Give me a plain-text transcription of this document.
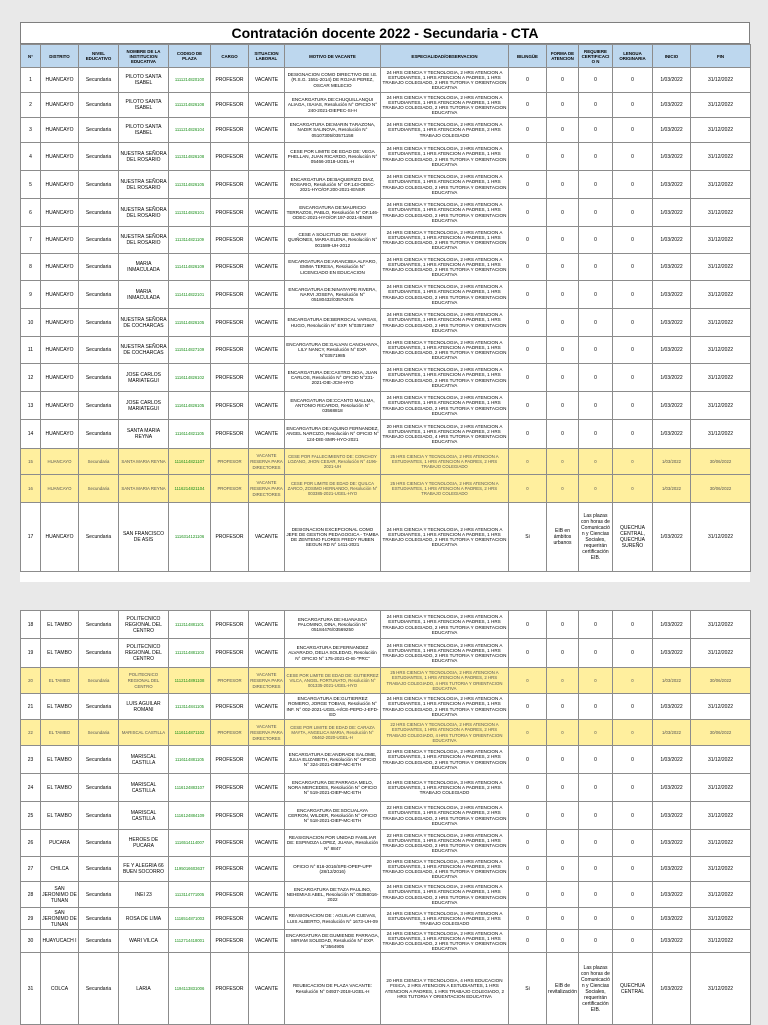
Contratación docente 2022 - Secundaria - CTA
N°	DISTRITO	NIVEL EDUCATIVO	NOMBRE DE LA INSTITUCION EDUCATIVA	CODIGO DE PLAZA	CARGO	SITUACION LABORAL	MOTIVO DE VACANTE	ESPECIALIDAD/OBSERVACION	BILINGÜE	FORMA DE ATENCION	REQUIERE CERTIFICACIO N	LENGUA ORIGINARIA	INICIO	FIN
1	HUANCAYO	Secundaria	PILOTO SANTA ISABEL	1111214820100	PROFESOR	VACANTE	DESIGNACION COMO DIRECTIVO DE I.E. (R.S.G. 1551-2014) DE ROJAS PEREZ, OSCAR MELECIO	24 HRS CIENCIA Y TECNOLOGIA, 2 HRS ATENCION A ESTUDIANTES, 1 HRS ATENCION A PADRES, 1 HRS TRABAJO COLEGIADO, 2 HRS TUTORIA Y ORIENTACION EDUCATIVA	0	0	0	0	1/03/2022	31/12/2022
2	HUANCAYO	Secundaria	PILOTO SANTA ISABEL	1111214826108	PROFESOR	VACANTE	ENCARGATURA DE:CHUQUILLANQUI ALIAGA, ISAIAS, Resolución N° OFICIO N° 240-2021-DIEPEC-SI-H	24 HRS CIENCIA Y TECNOLOGIA, 2 HRS ATENCION A ESTUDIANTES, 1 HRS ATENCION A PADRES, 1 HRS TRABAJO COLEGIADO, 2 HRS TUTORIA Y ORIENTACION EDUCATIVA	0	0	0	0	1/03/2022	31/12/2022
3	HUANCAYO	Secundaria	PILOTO SANTA ISABEL	1111214826104	PROFESOR	VACANTE	ENCARGATURA DE:MARIN TARAZONA, NADIR SALINOVA, Resolución N° 05107305/03571158	24 HRS CIENCIA Y TECNOLOGIA, 2 HRS ATENCION A ESTUDIANTES, 1 HRS ATENCION A PADRES, 2 HRS TRABAJO COLEGIADO	0	0	0	0	1/03/2022	31/12/2022
4	HUANCAYO	Secundaria	NUESTRA SEÑORA DEL ROSARIO	1113114826108	PROFESOR	VACANTE	CESE POR LIMITE DE EDAD DE: VEGA PHELLAN, JUAN RICARDO, Resolución N° 05466-2018-UGEL-H	24 HRS CIENCIA Y TECNOLOGIA, 2 HRS ATENCION A ESTUDIANTES, 1 HRS ATENCION A PADRES, 1 HRS TRABAJO COLEGIADO, 2 HRS TUTORIA Y ORIENTACION EDUCATIVA	0	0	0	0	1/03/2022	31/12/2022
5	HUANCAYO	Secundaria	NUESTRA SEÑORA DEL ROSARIO	1113114826105	PROFESOR	VACANTE	ENCARGATURA DE:BAQUERIZO DIAZ, ROSARIO, Resolución N° OF.143-ODEC-2021-HYO/OF.200-2021-IENSR	24 HRS CIENCIA Y TECNOLOGIA, 2 HRS ATENCION A ESTUDIANTES, 1 HRS ATENCION A PADRES, 1 HRS TRABAJO COLEGIADO, 2 HRS TUTORIA Y ORIENTACION EDUCATIVA	0	0	0	0	1/03/2022	31/12/2022
6	HUANCAYO	Secundaria	NUESTRA SEÑORA DEL ROSARIO	1113114826101	PROFESOR	VACANTE	ENCARGATURA DE:MAURICIO TERRAZOS, PABLO, Resolución N° OF.146-ODEC-2021-HYO/OF.197-2021-IENSR	24 HRS CIENCIA Y TECNOLOGIA, 2 HRS ATENCION A ESTUDIANTES, 1 HRS ATENCION A PADRES, 1 HRS TRABAJO COLEGIADO, 2 HRS TUTORIA Y ORIENTACION EDUCATIVA	0	0	0	0	1/03/2022	31/12/2022
7	HUANCAYO	Secundaria	NUESTRA SEÑORA DEL ROSARIO	1113114821109	PROFESOR	VACANTE	CESE A SOLICITUD DE: GARAY QUIÑONES, MARIA ELENA, Resolución N° 001589-UH-2012	24 HRS CIENCIA Y TECNOLOGIA, 2 HRS ATENCION A ESTUDIANTES, 1 HRS ATENCION A PADRES, 1 HRS TRABAJO COLEGIADO, 2 HRS TUTORIA Y ORIENTACION EDUCATIVA	0	0	0	0	1/03/2022	31/12/2022
8	HUANCAYO	Secundaria	MARIA INMACULADA	1114114826109	PROFESOR	VACANTE	ENCARGATURA DE:ARANCIBIA ALFARO, EMMA TERESA, Resolución N° LICENCIADO EN EDUCACION	24 HRS CIENCIA Y TECNOLOGIA, 2 HRS ATENCION A ESTUDIANTES, 1 HRS ATENCION A PADRES, 1 HRS TRABAJO COLEGIADO, 2 HRS TUTORIA Y ORIENTACION EDUCATIVA	0	0	0	0	1/03/2022	31/12/2022
9	HUANCAYO	Secundaria	MARIA INMACULADA	1114114822101	PROFESOR	VACANTE	ENCARGATURA DE:NINATAYPE RIVERA, NARVI JOSEFA, Resolución N° 05180432/03570476	24 HRS CIENCIA Y TECNOLOGIA, 2 HRS ATENCION A ESTUDIANTES, 1 HRS ATENCION A PADRES, 1 HRS TRABAJO COLEGIADO, 2 HRS TUTORIA Y ORIENTACION EDUCATIVA	0	0	0	0	1/03/2022	31/12/2022
10	HUANCAYO	Secundaria	NUESTRA SEÑORA DE COCHARCAS	1115114826105	PROFESOR	VACANTE	ENCARGATURA DE:BERROCAL VARGAS, HUGO, Resolución N° EXP. N°03571967	24 HRS CIENCIA Y TECNOLOGIA, 2 HRS ATENCION A ESTUDIANTES, 1 HRS ATENCION A PADRES, 1 HRS TRABAJO COLEGIADO, 2 HRS TUTORIA Y ORIENTACION EDUCATIVA	0	0	0	0	1/03/2022	31/12/2022
11	HUANCAYO	Secundaria	NUESTRA SEÑORA DE COCHARCAS	1115114827109	PROFESOR	VACANTE	ENCARGATURA DE:GALVAN CANCHANYA, LILY NANCY, Resolución N° EXP. N°03571985	24 HRS CIENCIA Y TECNOLOGIA, 2 HRS ATENCION A ESTUDIANTES, 1 HRS ATENCION A PADRES, 1 HRS TRABAJO COLEGIADO, 2 HRS TUTORIA Y ORIENTACION EDUCATIVA	0	0	0	0	1/03/2022	31/12/2022
12	HUANCAYO	Secundaria	JOSE CARLOS MARIATEGUI	1116114826102	PROFESOR	VACANTE	ENCARGATURA DE:CASTRO INGA, JUAN CARLOS, Resolución N° OFICIO N°231-2021-DIE-JCM-HYO	24 HRS CIENCIA Y TECNOLOGIA, 2 HRS ATENCION A ESTUDIANTES, 1 HRS ATENCION A PADRES, 1 HRS TRABAJO COLEGIADO, 2 HRS TUTORIA Y ORIENTACION EDUCATIVA	0	0	0	0	1/03/2022	31/12/2022
13	HUANCAYO	Secundaria	JOSE CARLOS MARIATEGUI	1116114826105	PROFESOR	VACANTE	ENCARGATURA DE:CCANTO MALLMA, ANTONIO RICARDO, Resolución N° 03568818	24 HRS CIENCIA Y TECNOLOGIA, 2 HRS ATENCION A ESTUDIANTES, 1 HRS ATENCION A PADRES, 1 HRS TRABAJO COLEGIADO, 2 HRS TUTORIA Y ORIENTACION EDUCATIVA	0	0	0	0	1/03/2022	31/12/2022
14	HUANCAYO	Secundaria	SANTA MARIA REYNA	1116114821105	PROFESOR	VACANTE	ENCARGATURA DE:AQUINO FERNANDEZ, ANGEL NARCIZO, Resolución N° OFICIO N° 124-DIE-SMR-HYO-2021	20 HRS CIENCIA Y TECNOLOGIA, 2 HRS ATENCION A ESTUDIANTES, 1 HRS ATENCION A PADRES, 2 HRS TRABAJO COLEGIADO, 4 HRS TUTORIA Y ORIENTACION EDUCATIVA	0	0	0	0	1/03/2022	31/12/2022
15	HUANCAYO	Secundaria	SANTA MARIA REYNA	1116114821107	PROFESOR	VACANTE RESERVA PARA DIRECTORES	CESE POR FALLECIMIENTO DE: CONCHOY LOZANO, JHON CESAR, Resolución N° 4196-2021-UH	25 HRS CIENCIA Y TECNOLOGIA, 2 HRS ATENCION A ESTUDIANTES, 1 HRS ATENCION A PADRES, 2 HRS TRABAJO COLEGIADO	0	0	0	0	1/03/2022	30/06/2022
16	HUANCAYO	Secundaria	SANTA MARIA REYNA	1116214821104	PROFESOR	VACANTE RESERVA PARA DIRECTORES	CESE POR LIMITE DE EDAD DE: QUILCA ZARCO, ZOSIMO HERNANDO, Resolución N° 003385-2021-UGEL-HYO	25 HRS CIENCIA Y TECNOLOGIA, 2 HRS ATENCION A ESTUDIANTES, 1 HRS ATENCION A PADRES, 2 HRS TRABAJO COLEGIADO	0	0	0	0	1/03/2022	30/06/2022
17	HUANCAYO	Secundaria	SAN FRANCISCO DE ASIS	1116314121106	PROFESOR	VACANTE	DESIGNACION EXCEPCIONAL COMO JEFE DE GESTION PEDAGOGICA - TAMBA DE ZENTENO FLORES FREDY RUBEN SEGUN RD N° 1411-2021	24 HRS CIENCIA Y TECNOLOGIA, 2 HRS ATENCION A ESTUDIANTES, 1 HRS ATENCION A PADRES, 1 HRS TRABAJO COLEGIADO, 2 HRS TUTORIA Y ORIENTACION EDUCATIVA	Si	EIB en ámbitos urbanos	Las plazas con horas de Comunicación y Ciencias Sociales, requerirán certificación EIB.	QUECHUA CENTRAL, QUECHUA SUREÑO	1/03/2022	31/12/2022
18	EL TAMBO	Secundaria	POLITECNICO REGIONAL DEL CENTRO	1112114881101	PROFESOR	VACANTE	ENCARGATURA DE:HUANASCA PALOMINO, DINA, Resolución N° 05184476/03569250	24 HRS CIENCIA Y TECNOLOGIA, 2 HRS ATENCION A ESTUDIANTES, 1 HRS ATENCION A PADRES, 1 HRS TRABAJO COLEGIADO, 2 HRS TUTORIA Y ORIENTACION EDUCATIVA	0	0	0	0	1/03/2022	31/12/2022
19	EL TAMBO	Secundaria	POLITECNICO REGIONAL DEL CENTRO	1112114881103	PROFESOR	VACANTE	ENCARGATURA DE:FERNANDEZ ALVARADO, DELIA SOLEDAD, Resolución N° OFICIO N° 175-2021-D-IE-"PRC"	24 HRS CIENCIA Y TECNOLOGIA, 2 HRS ATENCION A ESTUDIANTES, 1 HRS ATENCION A PADRES, 1 HRS TRABAJO COLEGIADO, 2 HRS TUTORIA Y ORIENTACION EDUCATIVA	0	0	0	0	1/03/2022	31/12/2022
20	EL TAMBO	Secundaria	POLITECNICO REGIONAL DEL CENTRO	1112114891108	PROFESOR	VACANTE RESERVA PARA DIRECTORES	CESE POR LIMITE DE EDAD DE: GUTIERREZ VILCA, ANGEL FORTUNATO, Resolución N° 001335-2021-UGEL-HYO	25 HRS CIENCIA Y TECNOLOGIA, 2 HRS ATENCION A ESTUDIANTES, 1 HRS ATENCION A PADRES, 2 HRS TRABAJO COLEGIADO, 4 HRS TUTORIA Y ORIENTACION EDUCATIVA	0	0	0	0	1/03/2022	30/06/2022
21	EL TAMBO	Secundaria	LUIS AGUILAR ROMANI	1113114841105	PROFESOR	VACANTE	ENCARGATURA DE:GUTIERREZ ROMERO, JORGE TOBIAS, Resolución N° INF. N° 002-2021-UGEL-H/CE-PEPD-J-EFD-ED	24 HRS CIENCIA Y TECNOLOGIA, 2 HRS ATENCION A ESTUDIANTES, 1 HRS ATENCION A PADRES, 1 HRS TRABAJO COLEGIADO, 2 HRS TUTORIA Y ORIENTACION EDUCATIVA	0	0	0	0	1/03/2022	31/12/2022
22	EL TAMBO	Secundaria	MARISCAL CASTILLA	1116114871102	PROFESOR	VACANTE RESERVA PARA DIRECTORES	CESE POR LIMITE DE EDAD DE: CARAZA MAYTA, ANGELICA MARIA, Resolución N° 05462-2020-UGEL-H	22 HRS CIENCIA Y TECNOLOGIA, 2 HRS ATENCION A ESTUDIANTES, 1 HRS ATENCION A PADRES, 2 HRS TRABAJO COLEGIADO, 4 HRS TUTORIA Y ORIENTACION EDUCATIVA	0	0	0	0	1/03/2022	30/06/2022
23	EL TAMBO	Secundaria	MARISCAL CASTILLA	1116114881105	PROFESOR	VACANTE	ENCARGATURA DE:ANDRADE SALOME, JULIA ELIZABETH, Resolución N° OFICIO N° 324-2021-DIEP-MC-ETH	22 HRS CIENCIA Y TECNOLOGIA, 2 HRS ATENCION A ESTUDIANTES, 1 HRS ATENCION A PADRES, 2 HRS TRABAJO COLEGIADO, 2 HRS TUTORIA Y ORIENTACION EDUCATIVA	0	0	0	0	1/03/2022	31/12/2022
24	EL TAMBO	Secundaria	MARISCAL CASTILLA	1116124883107	PROFESOR	VACANTE	ENCARGATURA DE:PARRAGA MELO, NORA MERCEDES, Resolución N° OFICIO N° 519-2021-DIEP-MC-ETH	24 HRS CIENCIA Y TECNOLOGIA, 3 HRS ATENCION A ESTUDIANTES, 1 HRS ATENCION A PADRES, 2 HRS TRABAJO COLEGIADO	0	0	0	0	1/03/2022	31/12/2022
25	EL TAMBO	Secundaria	MARISCAL CASTILLA	1116124884109	PROFESOR	VACANTE	ENCARGATURA DE:SOCUALAYA CERRON, WILDER, Resolución N° OFICIO N° 518-2021-DIEP-MC-ETH	22 HRS CIENCIA Y TECNOLOGIA, 2 HRS ATENCION A ESTUDIANTES, 1 HRS ATENCION A PADRES, 2 HRS TRABAJO COLEGIADO, 2 HRS TUTORIA Y ORIENTACION EDUCATIVA	0	0	0	0	1/03/2022	31/12/2022
26	PUCARA	Secundaria	HEROES DE PUCARA	1116514114007	PROFESOR	VACANTE	REASIGNACION POR UNIDAD FAMILIAR DE: ESPINOZA LOPEZ, JUANA, Resolución N° 8847	22 HRS CIENCIA Y TECNOLOGIA, 2 HRS ATENCION A ESTUDIANTES, 1 HRS ATENCION A PADRES, 1 HRS TRABAJO COLEGIADO, 2 HRS TUTORIA Y ORIENTACION EDUCATIVA	0	0	0	0	1/03/2022	31/12/2022
27	CHILCA	Secundaria	FE Y ALEGRIA 66 BUEN SOCORRO	1195016603637	PROFESOR	VACANTE	OFICIO N° 816-2016/SPE-OPEP-UPP (28/12/2016)	20 HRS CIENCIA Y TECNOLOGIA, 3 HRS ATENCION A ESTUDIANTES, 1 HRS ATENCION A PADRES, 2 HRS TRABAJO COLEGIADO, 4 HRS TUTORIA Y ORIENTACION EDUCATIVA	0	0	0	0	1/03/2022	31/12/2022
28	SAN JERONIMO DE TUNAN	Secundaria	INEI 23	1113114771005	PROFESOR	VACANTE	ENCARGATURA DE:TAZA PAULINO, NEHEMIAS ABEL, Resolución N° 05358016-2022	24 HRS CIENCIA Y TECNOLOGIA, 2 HRS ATENCION A ESTUDIANTES, 1 HRS ATENCION A PADRES, 1 HRS TRABAJO COLEGIADO, 2 HRS TUTORIA Y ORIENTACION EDUCATIVA	0	0	0	0	1/03/2022	31/12/2022
29	SAN JERONIMO DE TUNAN	Secundaria	ROSA DE LIMA	1116514871003	PROFESOR	VACANTE	REASIGNACION DE : AGUILAR CUEVAS, LUIS ALBERTO, Resolución N° 1673-UH-09	24 HRS CIENCIA Y TECNOLOGIA, 3 HRS ATENCION A ESTUDIANTES, 1 HRS ATENCION A PADRES, 2 HRS TRABAJO COLEGIADO	0	0	0	0	1/03/2022	31/12/2022
30	HUAYUCACH I	Secundaria	WARI VILCA	1112714418001	PROFESOR	VACANTE	ENCARGATURA DE:GUMIENDE PARRAGA, MIRIAM SOLEDAD, Resolución N° EXP. N°3564905	24 HRS CIENCIA Y TECNOLOGIA, 2 HRS ATENCION A ESTUDIANTES, 1 HRS ATENCION A PADRES, 1 HRS TRABAJO COLEGIADO, 2 HRS TUTORIA Y ORIENTACION EDUCATIVA	0	0	0	0	1/03/2022	31/12/2022
31	COLCA	Secundaria	LARIA	1194113831006	PROFESOR	VACANTE	REUBICACION DE PLAZA VACANTE: Resolución N° 04937-2018-UGEL-H	20 HRS CIENCIA Y TECNOLOGIA, 4 HRS EDUCACION FISICA, 2 HRS ATENCION A ESTUDIANTES, 1 HRS ATENCION A PADRES, 1 HRS TRABAJO COLEGIADO, 2 HRS TUTORIA Y ORIENTACION EDUCATIVA	Si	EIB de revitalización	Las plazas con horas de Comunicación y Ciencias Sociales, requerirán certificación EIB.	QUECHUA CENTRAL	1/03/2022	31/12/2022
